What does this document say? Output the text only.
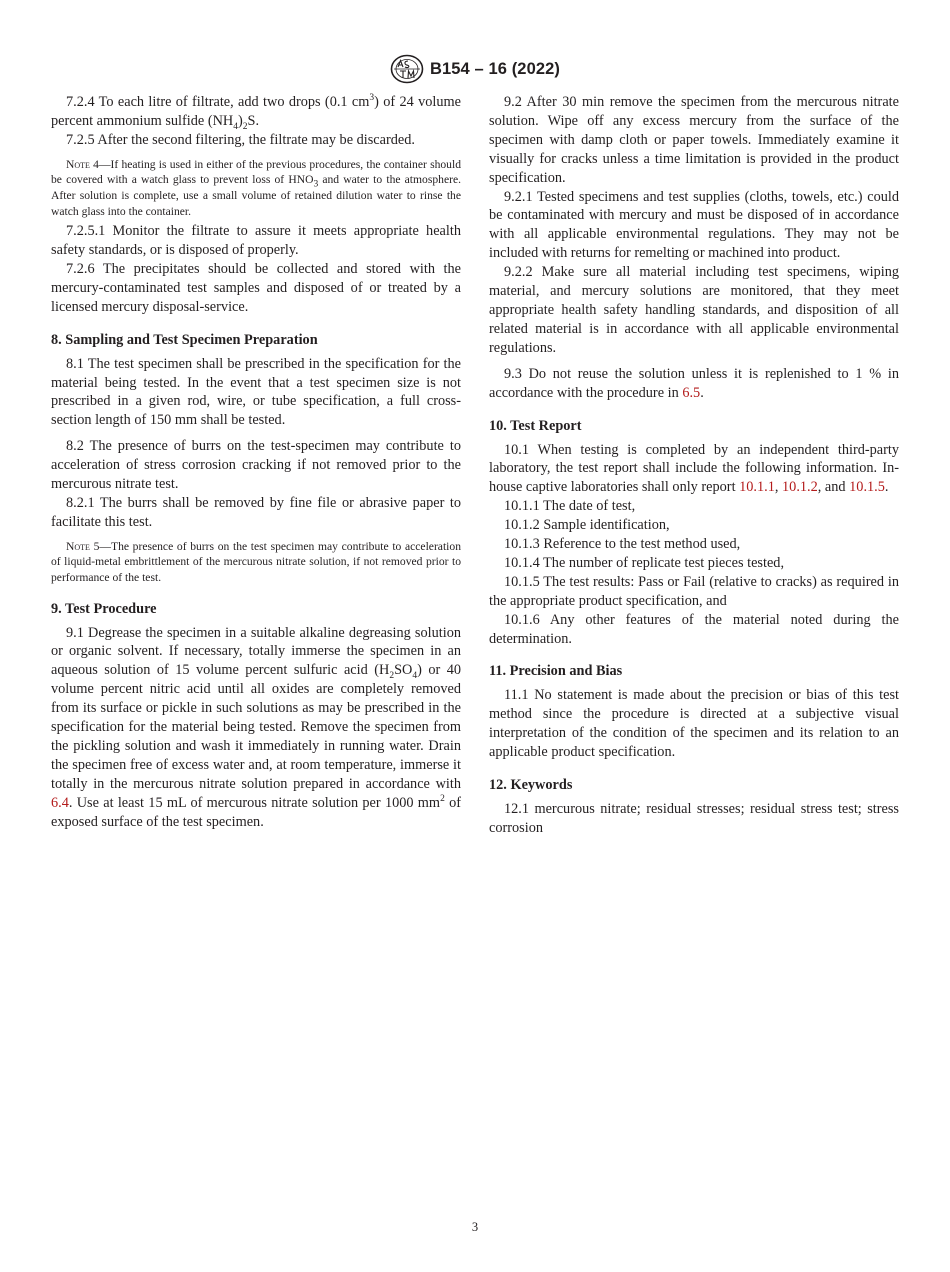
B154 – 16 (2022)

7.2.4 To each litre of filtrate, add two drops (0.1 $cm^3$) of 24 volume percent ammonium sulfide $(NH_4)_2S$.

7.2.5 After the second filtering, the filtrate may be discarded.

Note 4—If heating is used in either of the previous procedures, the container should be covered with a watch glass to prevent loss of $HNO_3$ and water to the atmosphere. After solution is complete, use a small volume of retained dilution water to rinse the watch glass into the container.

7.2.5.1 Monitor the filtrate to assure it meets appropriate health safety standards, or is disposed of properly.

7.2.6 The precipitates should be collected and stored with the mercury-contaminated test samples and disposed of or treated by a licensed mercury disposal-service.

8. Sampling and Test Specimen Preparation

8.1 The test specimen shall be prescribed in the specification for the material being tested. In the event that a test specimen size is not prescribed in a given rod, wire, or tube specification, a full cross-section length of 150 mm shall be tested.

8.2 The presence of burrs on the test-specimen may contribute to acceleration of stress corrosion cracking if not removed prior to the mercurous nitrate test.

8.2.1 The burrs shall be removed by fine file or abrasive paper to facilitate this test.

Note 5—The presence of burrs on the test specimen may contribute to acceleration of liquid-metal embrittlement of the mercurous nitrate solution, if not removed prior to performance of the test.

9. Test Procedure

9.1 Degrease the specimen in a suitable alkaline degreasing solution or organic solvent. If necessary, totally immerse the specimen in an aqueous solution of 15 volume percent sulfuric acid $(H_2SO_4)$ or 40 volume percent nitric acid until all oxides are completely removed from its surface or pickle in such solutions as may be prescribed in the specification for the material being tested. Remove the specimen from the pickling solution and wash it immediately in running water. Drain the specimen free of excess water and, at room temperature, immerse it totally in the mercurous nitrate solution prepared in accordance with 6.4. Use at least 15 mL of mercurous nitrate solution per 1000 $mm^2$ of exposed surface of the test specimen.

9.2 After 30 min remove the specimen from the mercurous nitrate solution. Wipe off any excess mercury from the surface of the specimen with damp cloth or paper towels. Immediately examine it visually for cracks unless a time limitation is provided in the product specification.

9.2.1 Tested specimens and test supplies (cloths, towels, etc.) could be contaminated with mercury and must be disposed of in accordance with all applicable environmental regulations. They may not be included with returns for remelting or machined into product.

9.2.2 Make sure all material including test specimens, wiping material, and mercury solutions are monitored, that they meet appropriate health safety handling standards, and disposition of all related material is in accordance with all applicable environmental regulations.

9.3 Do not reuse the solution unless it is replenished to 1 % in accordance with the procedure in 6.5.

10. Test Report

10.1 When testing is completed by an independent third-party laboratory, the test report shall include the following information. In-house captive laboratories shall only report 10.1.1, 10.1.2, and 10.1.5.

10.1.1 The date of test,

10.1.2 Sample identification,

10.1.3 Reference to the test method used,

10.1.4 The number of replicate test pieces tested,

10.1.5 The test results: Pass or Fail (relative to cracks) as required in the appropriate product specification, and

10.1.6 Any other features of the material noted during the determination.

11. Precision and Bias

11.1 No statement is made about the precision or bias of this test method since the procedure is directed at a subjective visual interpretation of the condition of the specimen and its relation to an applicable product specification.

12. Keywords

12.1 mercurous nitrate; residual stresses; residual stress test; stress corrosion

3
